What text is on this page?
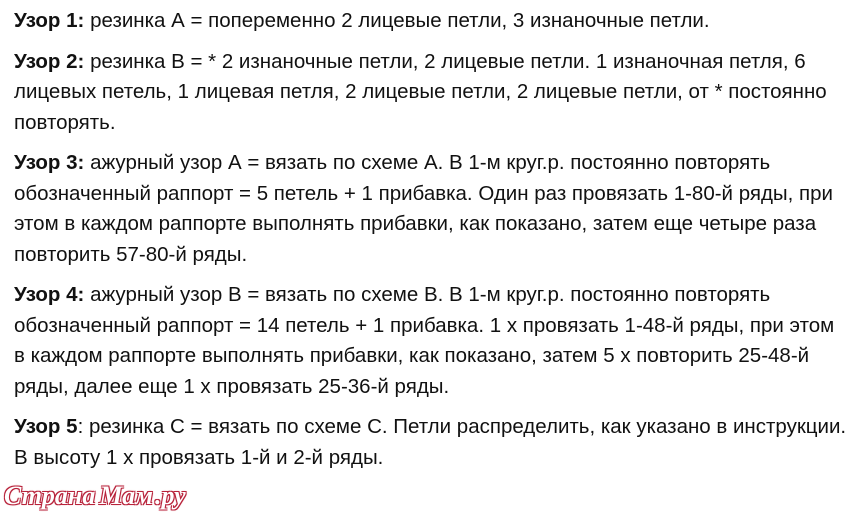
Узор 1: резинка А = попеременно 2 лицевые петли, 3 изнаночные петли.

Узор 2: резинка В = * 2 изнаночные петли, 2 лицевые петли. 1 изнаночная петля, 6 лицевых петель, 1 лицевая петля, 2 лицевые петли, 2 лицевые петли, от * постоянно повторять.

Узор 3: ажурный узор А = вязать по схеме А. В 1-м круг.р. постоянно повторять обозначенный раппорт = 5 петель + 1 прибавка. Один раз провязать 1-80-й ряды, при этом в каждом раппорте выполнять прибавки, как показано, затем еще четыре раза повторить 57-80-й ряды.

Узор 4: ажурный узор В = вязать по схеме В. В 1-м круг.р. постоянно повторять обозначенный раппорт = 14 петель + 1 прибавка. 1 х провязать 1-48-й ряды, при этом в каждом раппорте выполнять прибавки, как показано, затем 5 х повторить 25-48-й ряды, далее еще 1 х провязать 25-36-й ряды.

Узор 5: резинка С = вязать по схеме С. Петли распределить, как указано в инструкции. В высоту 1 х провязать 1-й и 2-й ряды.

Страна Мам .ру
